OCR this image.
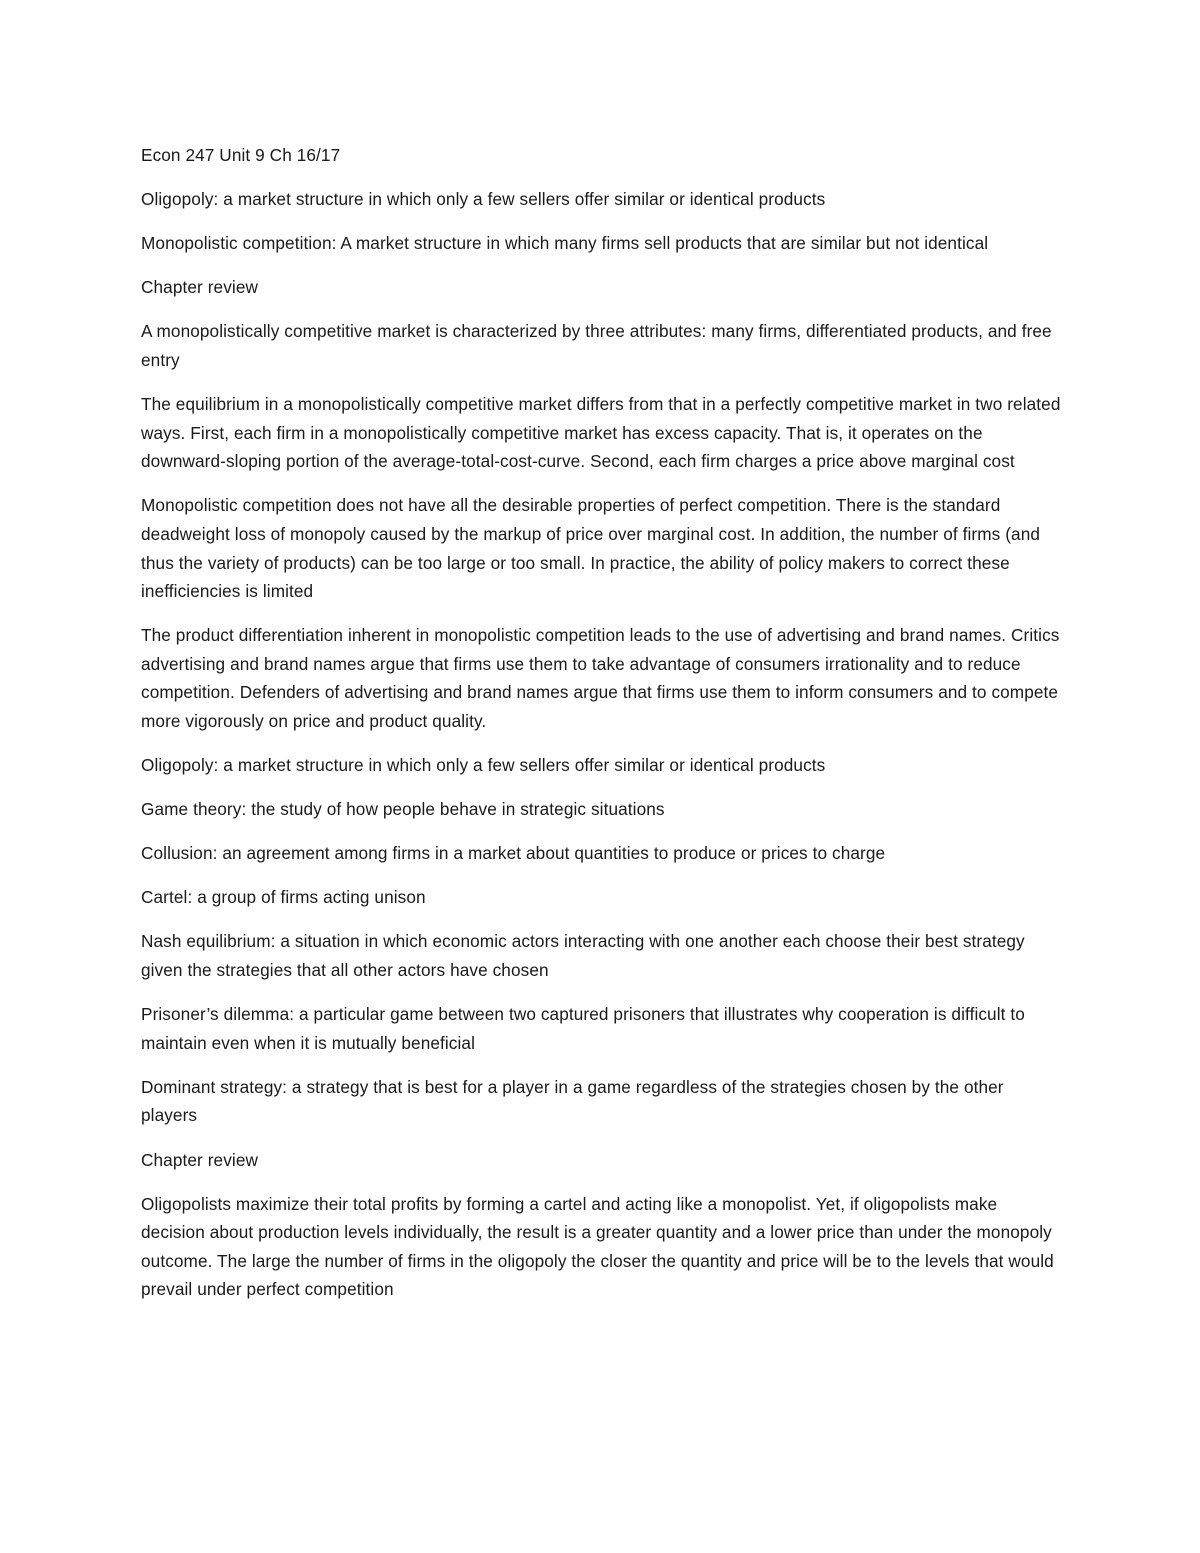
Econ 247 Unit 9 Ch 16/17

Oligopoly: a market structure in which only a few sellers offer similar or identical products

Monopolistic competition: A market structure in which many firms sell products that are similar but not identical

Chapter review

A monopolistically competitive market is characterized by three attributes: many firms, differentiated products, and free entry

The equilibrium in a monopolistically competitive market differs from that in a perfectly competitive market in two related ways. First, each firm in a monopolistically competitive market has excess capacity. That is, it operates on the downward-sloping portion of the average-total-cost-curve. Second, each firm charges a price above marginal cost

Monopolistic competition does not have all the desirable properties of perfect competition. There is the standard deadweight loss of monopoly caused by the markup of price over marginal cost. In addition, the number of firms (and thus the variety of products) can be too large or too small. In practice, the ability of policy makers to correct these inefficiencies is limited

The product differentiation inherent in monopolistic competition leads to the use of advertising and brand names. Critics advertising and brand names argue that firms use them to take advantage of consumers irrationality and to reduce competition. Defenders of advertising and brand names argue that firms use them to inform consumers and to compete more vigorously on price and product quality.

Oligopoly: a market structure in which only a few sellers offer similar or identical products

Game theory: the study of how people behave in strategic situations

Collusion: an agreement among firms in a market about quantities to produce or prices to charge

Cartel: a group of firms acting unison

Nash equilibrium: a situation in which economic actors interacting with one another each choose their best strategy given the strategies that all other actors have chosen

Prisoner’s dilemma: a particular game between two captured prisoners that illustrates why cooperation is difficult to maintain even when it is mutually beneficial

Dominant strategy: a strategy that is best for a player in a game regardless of the strategies chosen by the other players

Chapter review

Oligopolists maximize their total profits by forming a cartel and acting like a monopolist. Yet, if oligopolists make decision about production levels individually, the result is a greater quantity and a lower price than under the monopoly outcome. The large the number of firms in the oligopoly the closer the quantity and price will be to the levels that would prevail under perfect competition
